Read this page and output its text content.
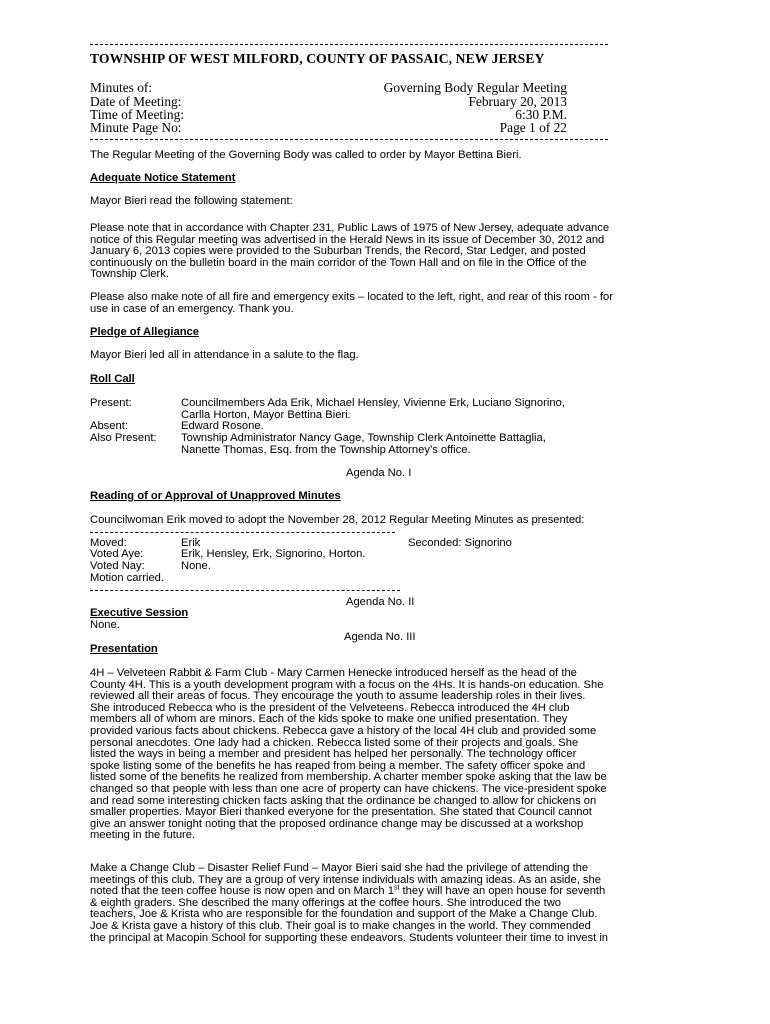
TOWNSHIP OF WEST MILFORD, COUNTY OF PASSAIC, NEW JERSEY
Minutes of:	Governing Body Regular Meeting
Date of Meeting:	February 20, 2013
Time of Meeting:	6:30 P.M.
Minute Page No:	Page 1 of 22
The Regular Meeting of the Governing Body was called to order by Mayor Bettina Bieri.
Adequate Notice Statement
Mayor Bieri read the following statement:
Please note that in accordance with Chapter 231, Public Laws of 1975 of New Jersey, adequate advance
notice of this Regular meeting was advertised in the Herald News in its issue of December 30, 2012 and
January 6, 2013 copies were provided to the Suburban Trends, the Record, Star Ledger, and posted
continuously on the bulletin board in the main corridor of the Town Hall and on file in the Office of the
Township Clerk.
Please also make note of all fire and emergency exits – located to the left, right, and rear of this room - for
use in case of an emergency. Thank you.
Pledge of Allegiance
Mayor Bieri led all in attendance in a salute to the flag.
Roll Call
Present:	Councilmembers Ada Erik, Michael Hensley, Vivienne Erk, Luciano Signorino,
Carlla Horton, Mayor Bettina Bieri.
Absent:	Edward Rosone.
Also Present: Township Administrator Nancy Gage, Township Clerk Antoinette Battaglia,
Nanette Thomas, Esq. from the Township Attorney’s office.
Agenda No. I
Reading of or Approval of Unapproved Minutes
Councilwoman Erik moved to adopt the November 28, 2012 Regular Meeting Minutes as presented:
Moved:	Erik	Seconded: Signorino
Voted Aye:	Erik, Hensley, Erk, Signorino, Horton.
Voted Nay:	None.
Motion carried.
Agenda No. II
Executive Session
None.
Agenda No. III
Presentation
4H – Velveteen Rabbit & Farm Club - Mary Carmen Henecke introduced herself as the head of the
County 4H. This is a youth development program with a focus on the 4Hs. It is hands-on education. She
reviewed all their areas of focus. They encourage the youth to assume leadership roles in their lives.
She introduced Rebecca who is the president of the Velveteens. Rebecca introduced the 4H club
members all of whom are minors. Each of the kids spoke to make one unified presentation. They
provided various facts about chickens. Rebecca gave a history of the local 4H club and provided some
personal anecdotes. One lady had a chicken. Rebecca listed some of their projects and goals. She
listed the ways in being a member and president has helped her personally. The technology officer
spoke listing some of the benefits he has reaped from being a member. The safety officer spoke and
listed some of the benefits he realized from membership. A charter member spoke asking that the law be
changed so that people with less than one acre of property can have chickens. The vice-president spoke
and read some interesting chicken facts asking that the ordinance be changed to allow for chickens on
smaller properties. Mayor Bieri thanked everyone for the presentation. She stated that Council cannot
give an answer tonight noting that the proposed ordinance change may be discussed at a workshop
meeting in the future.
Make a Change Club – Disaster Relief Fund – Mayor Bieri said she had the privilege of attending the
meetings of this club. They are a group of very intense individuals with amazing ideas. As an aside, she
noted that the teen coffee house is now open and on March 1st they will have an open house for seventh
& eighth graders. She described the many offerings at the coffee hours. She introduced the two
teachers, Joe & Krista who are responsible for the foundation and support of the Make a Change Club.
Joe & Krista gave a history of this club. Their goal is to make changes in the world. They commended
the principal at Macopin School for supporting these endeavors. Students volunteer their time to invest in
